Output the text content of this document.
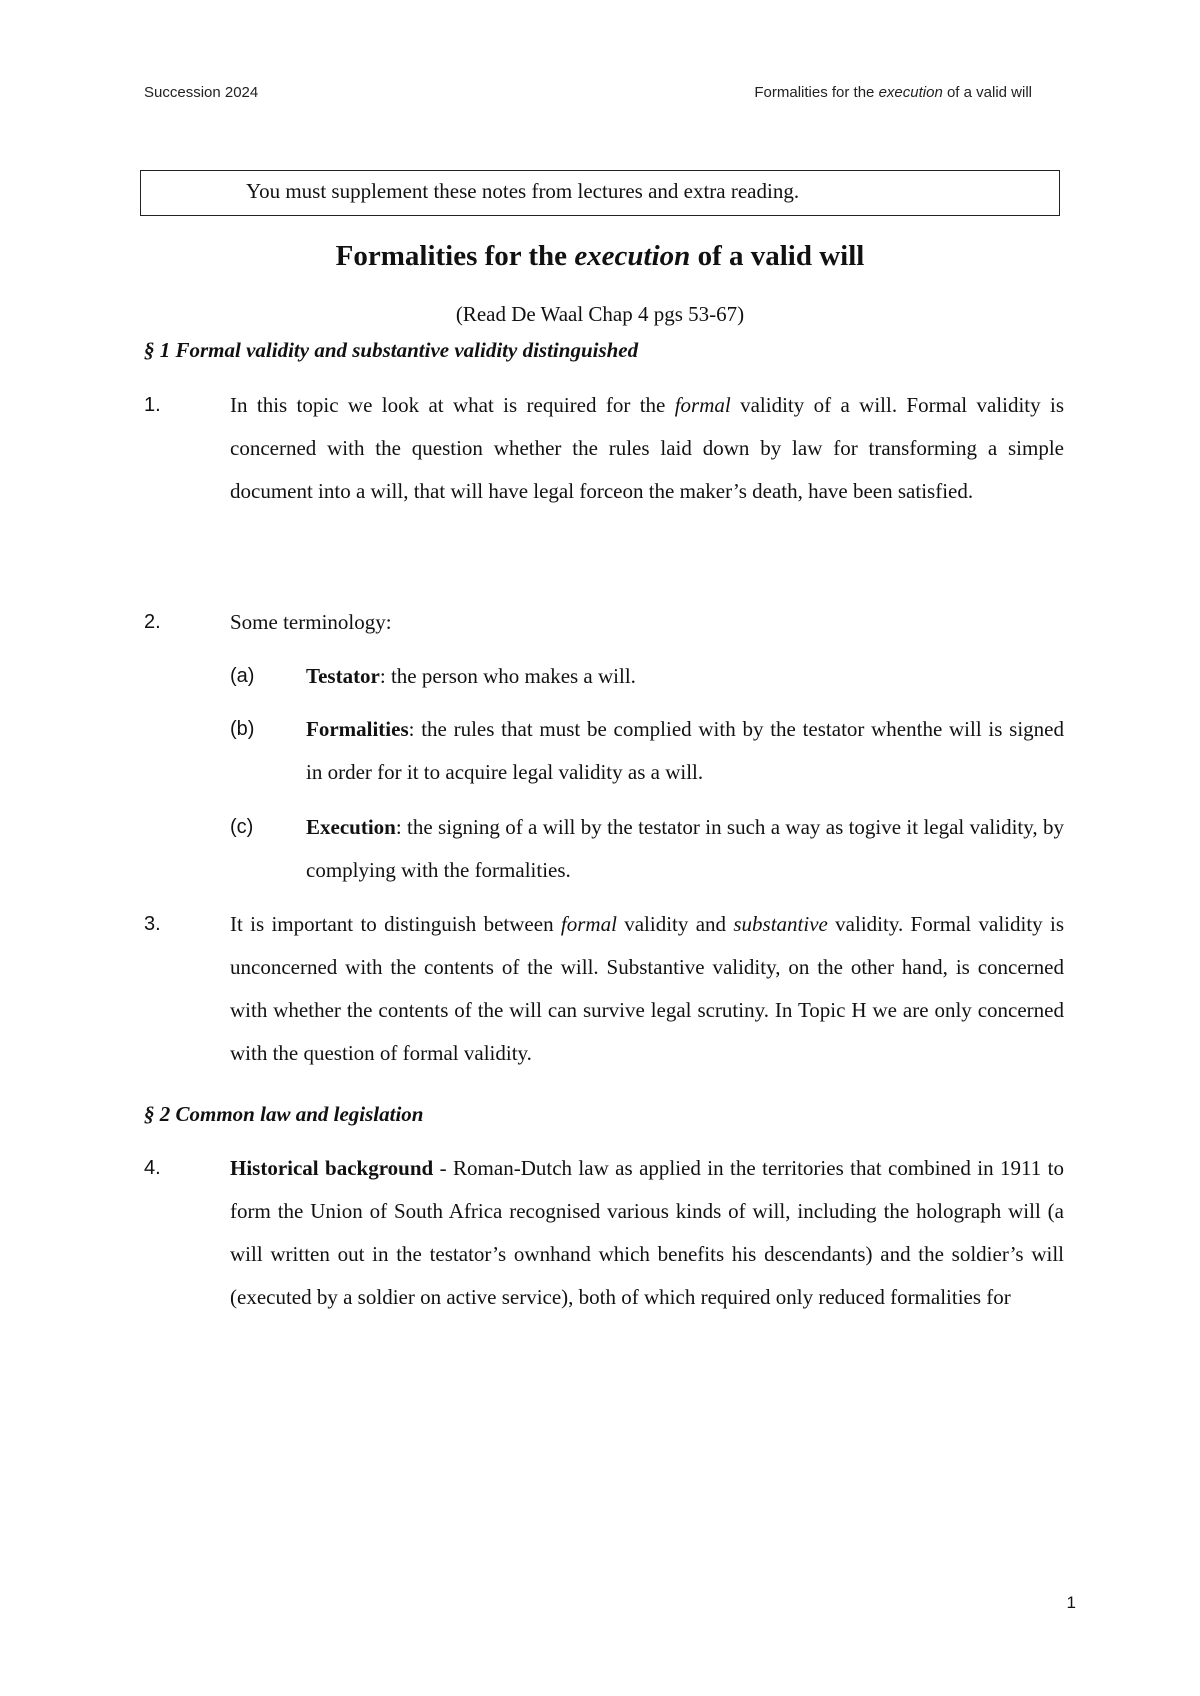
Succession 2024	Formalities for the execution of a valid will
You must supplement these notes from lectures and extra reading.
Formalities for the execution of a valid will
(Read De Waal Chap 4 pgs 53-67)
§ 1 Formal validity and substantive validity distinguished
1.	In this topic we look at what is required for the formal validity of a will. Formal validity is concerned with the question whether the rules laid down by law for transforming a simple document into a will, that will have legal forceon the maker’s death, have been satisfied.
2.	Some terminology:
(a) Testator: the person who makes a will.
(b) Formalities: the rules that must be complied with by the testator whenthe will is signed in order for it to acquire legal validity as a will.
(c)	Execution: the signing of a will by the testator in such a way as togive it legal validity, by complying with the formalities.
3.	It is important to distinguish between formal validity and substantive validity. Formal validity is unconcerned with the contents of the will. Substantive validity, on the other hand, is concerned with whether the contents of the will can survive legal scrutiny. In Topic H we are only concerned with the question of formal validity.
§ 2 Common law and legislation
4.	Historical background - Roman-Dutch law as applied in the territories that combined in 1911 to form the Union of South Africa recognised various kinds of will, including the holograph will (a will written out in the testator’s ownhand which benefits his descendants) and the soldier’s will (executed by a soldier on active service), both of which required only reduced formalities for
1
